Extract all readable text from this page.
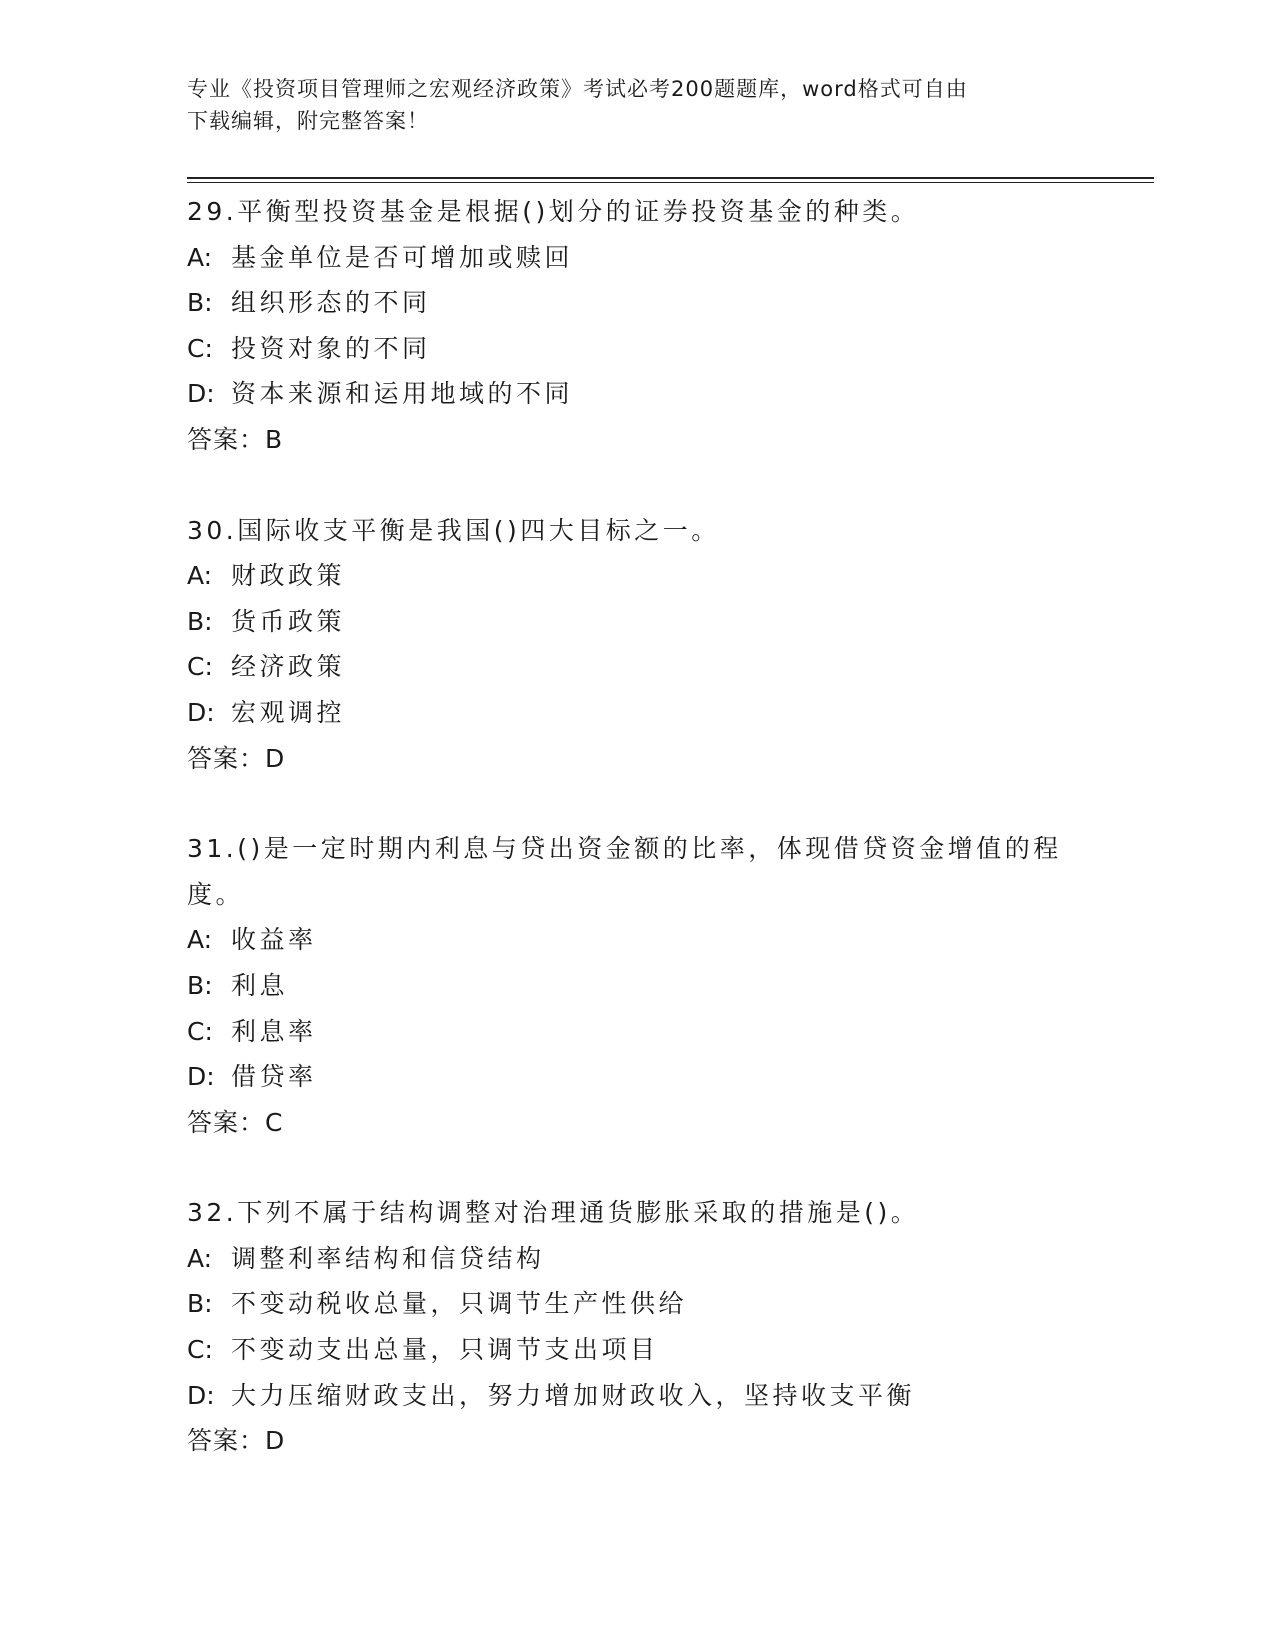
专业《投资项目管理师之宏观经济政策》考试必考200题题库，word格式可自由
下载编辑，附完整答案！
29.平衡型投资基金是根据()划分的证券投资基金的种类。
A: 基金单位是否可增加或赎回
B: 组织形态的不同
C: 投资对象的不同
D: 资本来源和运用地域的不同
答案：B
30.国际收支平衡是我国()四大目标之一。
A: 财政政策
B: 货币政策
C: 经济政策
D: 宏观调控
答案：D
31.()是一定时期内利息与贷出资金额的比率，体现借贷资金增值的程
度。
A: 收益率
B: 利息
C: 利息率
D: 借贷率
答案：C
32.下列不属于结构调整对治理通货膨胀采取的措施是()。
A: 调整利率结构和信贷结构
B: 不变动税收总量，只调节生产性供给
C: 不变动支出总量，只调节支出项目
D: 大力压缩财政支出，努力增加财政收入，坚持收支平衡
答案：D
